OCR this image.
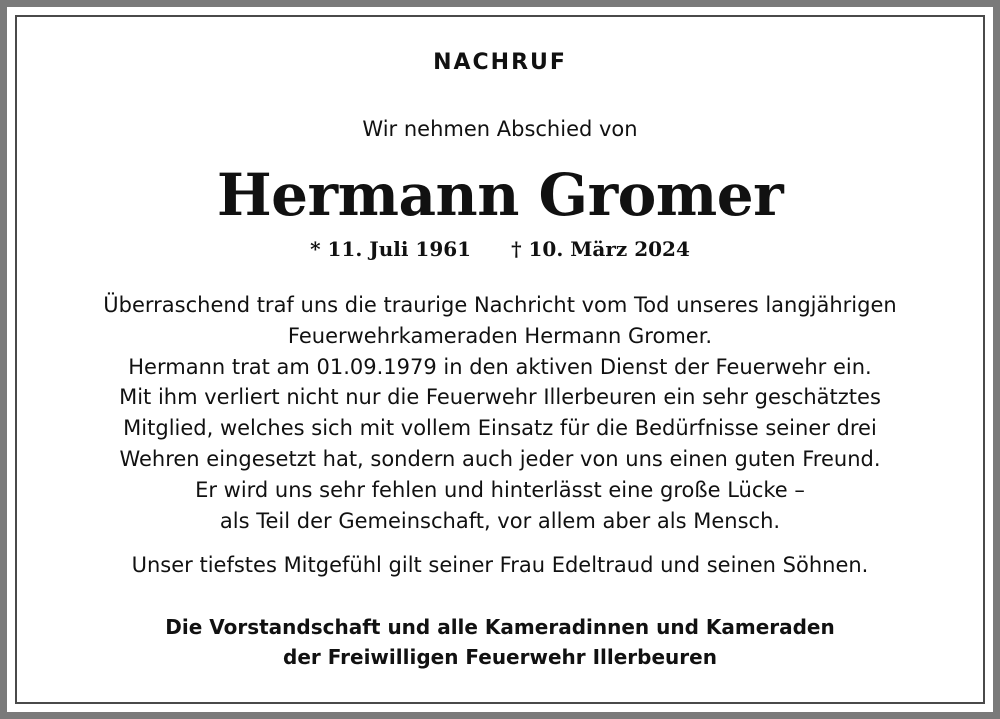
NACHRUF
Wir nehmen Abschied von
Hermann Gromer
* 11. Juli 1961 † 10. März 2024
Überraschend traf uns die traurige Nachricht vom Tod unseres langjährigen
Feuerwehrkameraden Hermann Gromer.
Hermann trat am 01.09.1979 in den aktiven Dienst der Feuerwehr ein.
Mit ihm verliert nicht nur die Feuerwehr Illerbeuren ein sehr geschätztes
Mitglied, welches sich mit vollem Einsatz für die Bedürfnisse seiner drei
Wehren eingesetzt hat, sondern auch jeder von uns einen guten Freund.
Er wird uns sehr fehlen und hinterlässt eine große Lücke –
als Teil der Gemeinschaft, vor allem aber als Mensch.
Unser tiefstes Mitgefühl gilt seiner Frau Edeltraud und seinen Söhnen.
Die Vorstandschaft und alle Kameradinnen und Kameraden
der Freiwilligen Feuerwehr Illerbeuren
